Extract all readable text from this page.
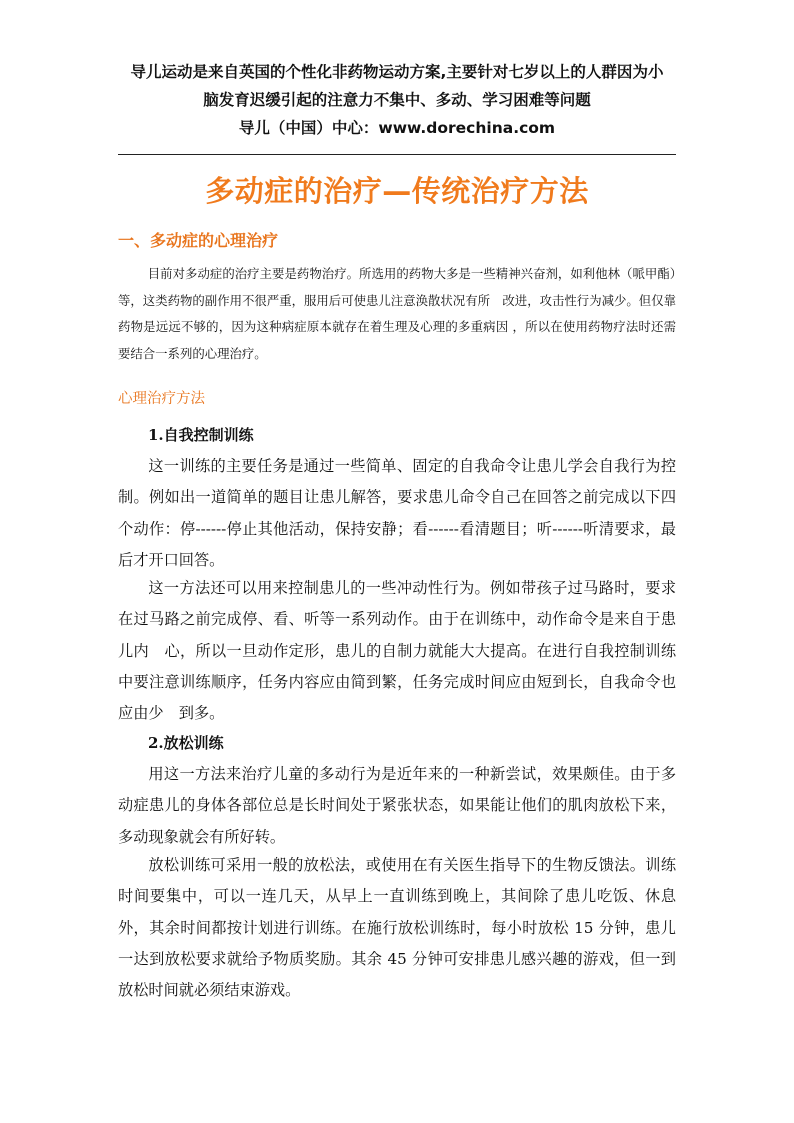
导儿运动是来自英国的个性化非药物运动方案,主要针对七岁以上的人群因为小
脑发育迟缓引起的注意力不集中、多动、学习困难等问题
导儿（中国）中心：www.dorechina.com
多动症的治疗—传统治疗方法
一、多动症的心理治疗
目前对多动症的治疗主要是药物治疗。所选用的药物大多是一些精神兴奋剂，如利他林（哌甲酯）等，这类药物的副作用不很严重，服用后可使患儿注意涣散状况有所　改进，攻击性行为减少。但仅靠药物是远远不够的，因为这种病症原本就存在着生理及心理的多重病因 ，所以在使用药物疗法时还需要结合一系列的心理治疗。
心理治疗方法
1.自我控制训练
这一训练的主要任务是通过一些简单、固定的自我命令让患儿学会自我行为控制。例如出一道简单的题目让患儿解答，要求患儿命令自己在回答之前完成以下四个动作：停------停止其他活动，保持安静；看------看清题目；听------听清要求，最后才开口回答。
这一方法还可以用来控制患儿的一些冲动性行为。例如带孩子过马路时，要求在过马路之前完成停、看、听等一系列动作。由于在训练中，动作命令是来自于患儿内　心，所以一旦动作定形，患儿的自制力就能大大提高。在进行自我控制训练中要注意训练顺序，任务内容应由简到繁，任务完成时间应由短到长，自我命令也应由少　到多。
2.放松训练
用这一方法来治疗儿童的多动行为是近年来的一种新尝试，效果颇佳。由于多动症患儿的身体各部位总是长时间处于紧张状态，如果能让他们的肌肉放松下来，多动现象就会有所好转。
放松训练可采用一般的放松法，或使用在有关医生指导下的生物反馈法。训练时间要集中，可以一连几天，从早上一直训练到晚上，其间除了患儿吃饭、休息外，其余时间都按计划进行训练。在施行放松训练时，每小时放松 15 分钟，患儿一达到放松要求就给予物质奖励。其余 45 分钟可安排患儿感兴趣的游戏，但一到放松时间就必须结束游戏。
